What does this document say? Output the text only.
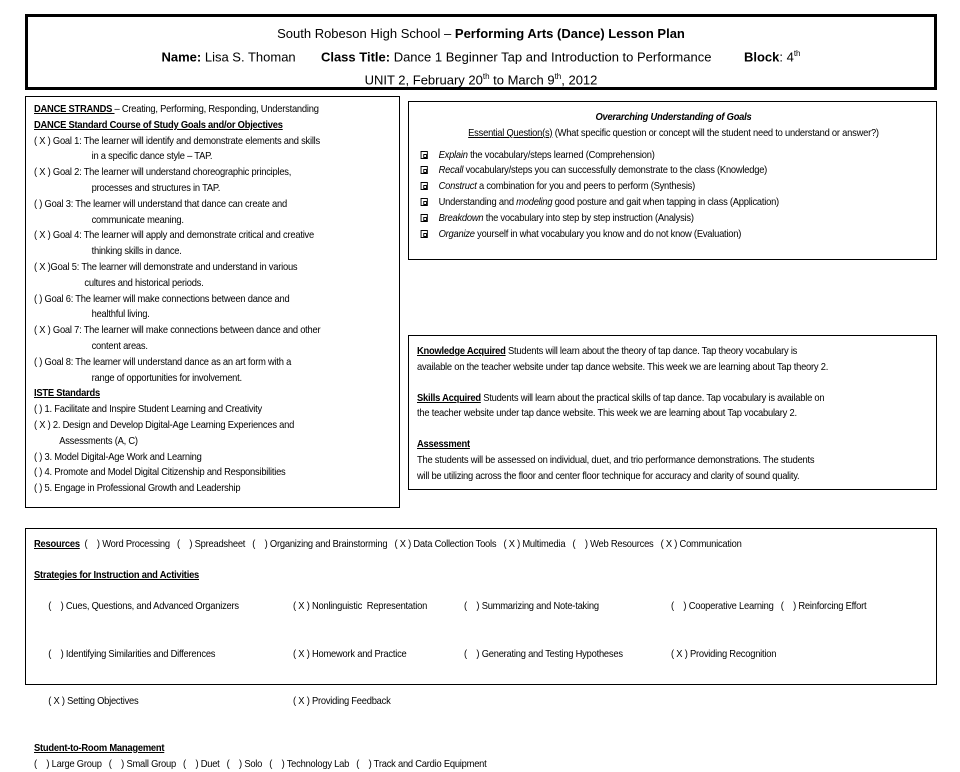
South Robeson High School – Performing Arts (Dance) Lesson Plan
Name: Lisa S. Thoman Class Title: Dance 1 Beginner Tap and Introduction to Performance	Block: 4th
UNIT 2, February 20th to March 9th, 2012
DANCE STRANDS – Creating, Performing, Responding, Understanding
DANCE Standard Course of Study Goals and/or Objectives
( X ) Goal 1: The learner will identify and demonstrate elements and skills
in a specific dance style – TAP.
( X ) Goal 2: The learner will understand choreographic principles,
processes and structures in TAP.
( ) Goal 3: The learner will understand that dance can create and
communicate meaning.
( X ) Goal 4: The learner will apply and demonstrate critical and creative
thinking skills in dance.
( X )Goal 5: The learner will demonstrate and understand in various
cultures and historical periods.
( ) Goal 6: The learner will make connections between dance and
healthful living.
( X ) Goal 7: The learner will make connections between dance and other
content areas.
( ) Goal 8: The learner will understand dance as an art form with a
range of opportunities for involvement.
ISTE Standards
( ) 1. Facilitate and Inspire Student Learning and Creativity
( X ) 2. Design and Develop Digital-Age Learning Experiences and
Assessments (A, C)
( ) 3. Model Digital-Age Work and Learning
( ) 4. Promote and Model Digital Citizenship and Responsibilities
( ) 5. Engage in Professional Growth and Leadership
Overarching Understanding of Goals
Essential Question(s) (What specific question or concept will the student need to understand or answer?)
Explain the vocabulary/steps learned (Comprehension)
Recall vocabulary/steps you can successfully demonstrate to the class (Knowledge)
Construct a combination for you and peers to perform (Synthesis)
Understanding and modeling good posture and gait when tapping in class (Application)
Breakdown the vocabulary into step by step instruction (Analysis)
Organize yourself in what vocabulary you know and do not know (Evaluation)
Knowledge Acquired Students will learn about the theory of tap dance. Tap theory vocabulary is
available on the teacher website under tap dance website. This week we are learning about Tap theory 2.
Skills Acquired Students will learn about the practical skills of tap dance. Tap vocabulary is available on
the teacher website under tap dance website. This week we are learning about Tap vocabulary 2.
Assessment
The students will be assessed on individual, duet, and trio performance demonstrations. The students
will be utilizing across the floor and center floor technique for accuracy and clarity of sound quality.
Resources  (    ) Word Processing   (    ) Spreadsheet   (    ) Organizing and Brainstorming   ( X ) Data Collection Tools   ( X ) Multimedia   (    ) Web Resources   ( X ) Communication
Strategies for Instruction and Activities

(    ) Cues, Questions, and Advanced Organizers	( X ) Nonlinguistic  Representation	(    ) Summarizing and Note-taking	(    ) Cooperative Learning   (    ) Reinforcing Effort

(    ) Identifying Similarities and Differences	( X ) Homework and Practice	(    ) Generating and Testing Hypotheses	( X ) Providing Recognition

( X ) Setting Objectives	( X ) Providing Feedback

Student-to-Room Management
(    ) Large Group   (    ) Small Group   (    ) Duet   (    ) Solo   (    ) Technology Lab   (    ) Track and Cardio Equipment
